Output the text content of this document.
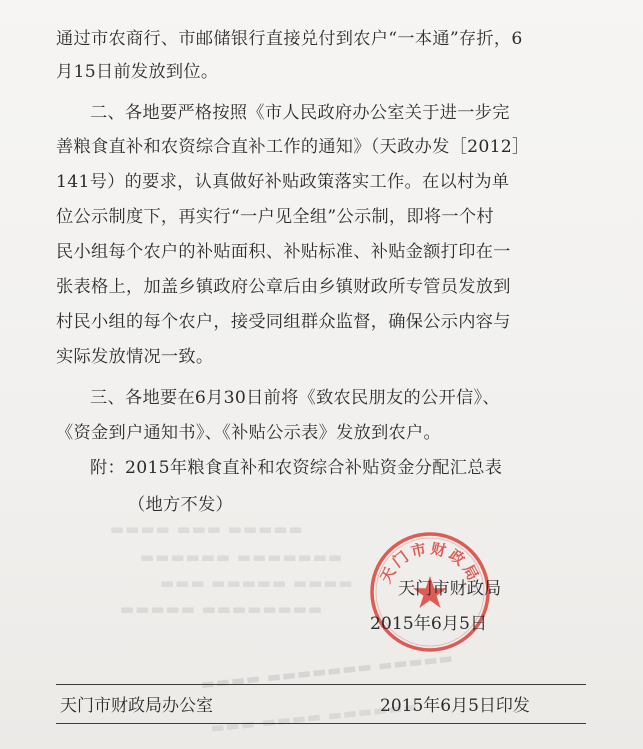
通过市农商行、市邮储银行直接兑付到农户“一本通”存折，6
月15日前发放到位。
二、各地要严格按照《市人民政府办公室关于进一步完
善粮食直补和农资综合直补工作的通知》（天政办发［2012］
141号）的要求，认真做好补贴政策落实工作。在以村为单
位公示制度下，再实行“一户见全组”公示制，即将一个村
民小组每个农户的补贴面积、补贴标准、补贴金额打印在一
张表格上，加盖乡镇政府公章后由乡镇财政所专管员发放到
村民小组的每个农户，接受同组群众监督，确保公示内容与
实际发放情况一致。
三、各地要在6月30日前将《致农民朋友的公开信》、
《资金到户通知书》、《补贴公示表》发放到农户。
附：2015年粮食直补和农资综合补贴资金分配汇总表
（地方不发）
▬▬▬▬ ▬▬▬ ▬▬▬▬▬
▬▬▬▬▬▬ ▬▬▬▬▬▬▬
▬▬▬ ▬▬▬▬▬ ▬▬▬▬
▬▬▬▬▬ ▬▬▬▬▬▬▬▬
▬▬▬▬ ▬▬▬▬▬▬▬ ▬▬▬▬▬
▬▬▬ ▬▬▬▬ ▬▬▬▬▬▬
天门市财政局
天门市财政局
2015年6月5日
天门市财政局办公室	2015年6月5日印发
